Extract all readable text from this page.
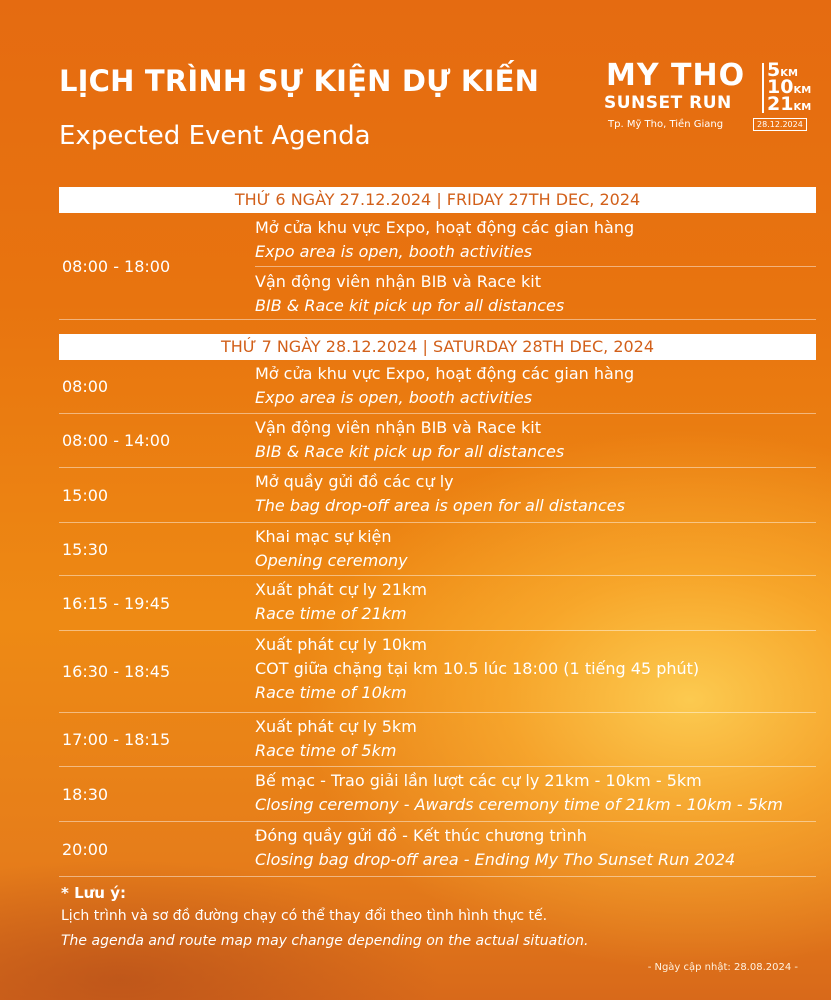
LỊCH TRÌNH SỰ KIỆN DỰ KIẾN
Expected Event Agenda
MY THO
SUNSET RUN
5KM
10KM
21KM
Tp. Mỹ Tho, Tiền Giang	28.12.2024
THỨ 6 NGÀY 27.12.2024 | FRIDAY 27TH DEC, 2024
08:00 - 18:00
Mở cửa khu vực Expo, hoạt động các gian hàng
Expo area is open, booth activities
Vận động viên nhận BIB và Race kit
BIB & Race kit pick up for all distances
THỨ 7 NGÀY 28.12.2024 | SATURDAY 28TH DEC, 2024
08:00
Mở cửa khu vực Expo, hoạt động các gian hàng
Expo area is open, booth activities
08:00 - 14:00
Vận động viên nhận BIB và Race kit
BIB & Race kit pick up for all distances
15:00
Mở quầy gửi đồ các cự ly
The bag drop-off area is open for all distances
15:30
Khai mạc sự kiện
Opening ceremony
16:15 - 19:45
Xuất phát cự ly 21km
Race time of 21km
16:30 - 18:45
Xuất phát cự ly 10km
COT giữa chặng tại km 10.5 lúc 18:00 (1 tiếng 45 phút)
Race time of 10km
17:00 - 18:15
Xuất phát cự ly 5km
Race time of 5km
18:30
Bế mạc - Trao giải lần lượt các cự ly 21km - 10km - 5km
Closing ceremony - Awards ceremony time of 21km - 10km - 5km
20:00
Đóng quầy gửi đồ - Kết thúc chương trình
Closing bag drop-off area - Ending My Tho Sunset Run 2024
* Lưu ý:
Lịch trình và sơ đồ đường chạy có thể thay đổi theo tình hình thực tế.
The agenda and route map may change depending on the actual situation.
- Ngày cập nhật: 28.08.2024 -
